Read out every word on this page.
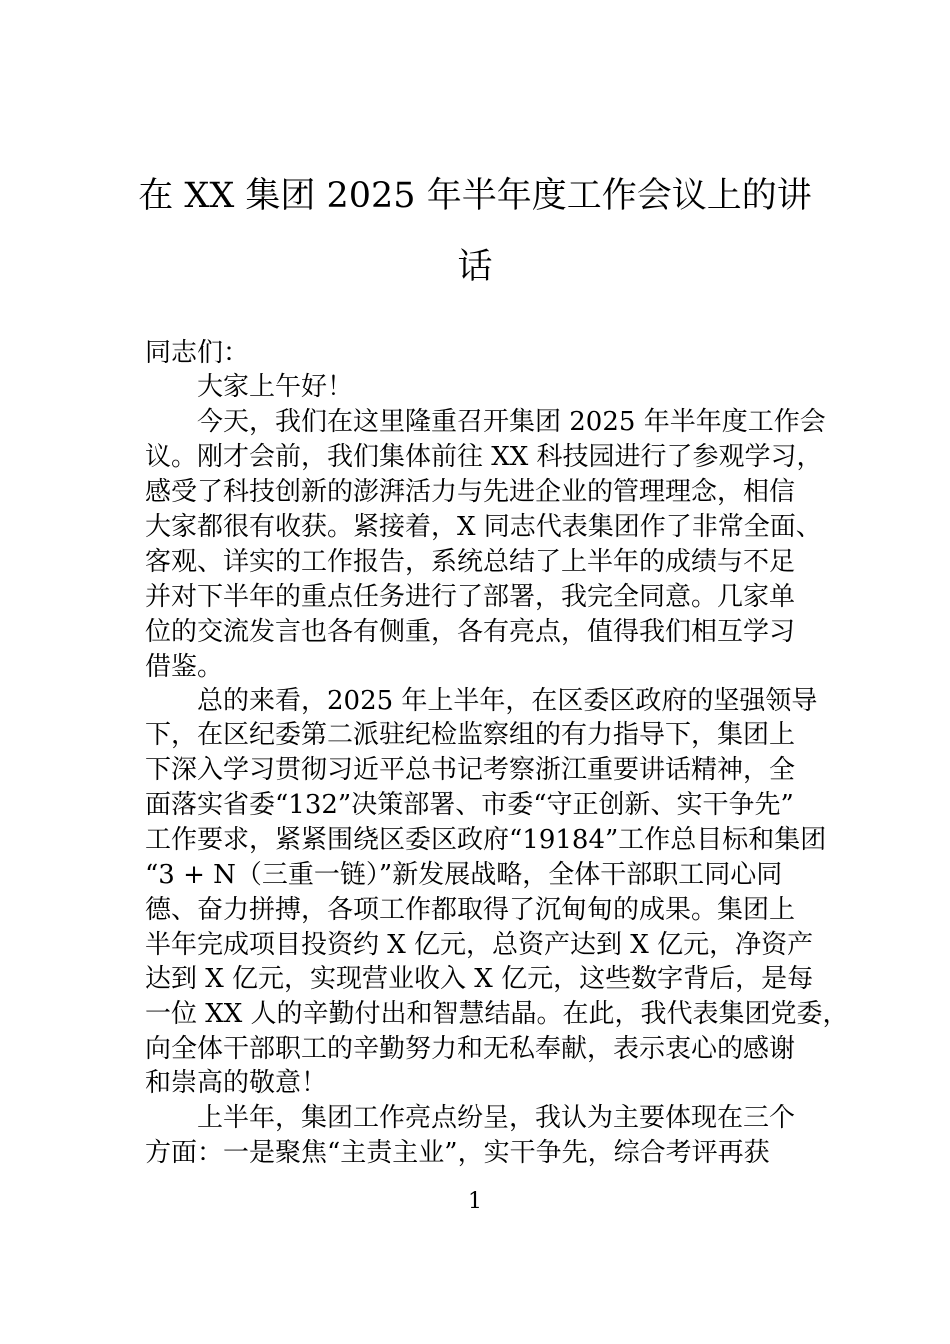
在 XX 集团 2025 年半年度工作会议上的讲
话
同志们：
大家上午好！
今天，我们在这里隆重召开集团 2025 年半年度工作会
议。刚才会前，我们集体前往 XX 科技园进行了参观学习，
感受了科技创新的澎湃活力与先进企业的管理理念，相信
大家都很有收获。紧接着，X 同志代表集团作了非常全面、
客观、详实的工作报告，系统总结了上半年的成绩与不足
并对下半年的重点任务进行了部署，我完全同意。几家单
位的交流发言也各有侧重，各有亮点，值得我们相互学习
借鉴。
总的来看，2025 年上半年，在区委区政府的坚强领导
下，在区纪委第二派驻纪检监察组的有力指导下，集团上
下深入学习贯彻习近平总书记考察浙江重要讲话精神，全
面落实省委“132”决策部署、市委“守正创新、实干争先”
工作要求，紧紧围绕区委区政府“19184”工作总目标和集团
“3 + N（三重一链）”新发展战略，全体干部职工同心同
德、奋力拼搏，各项工作都取得了沉甸甸的成果。集团上
半年完成项目投资约 X 亿元，总资产达到 X 亿元，净资产
达到 X 亿元，实现营业收入 X 亿元，这些数字背后，是每
一位 XX 人的辛勤付出和智慧结晶。在此，我代表集团党委，
向全体干部职工的辛勤努力和无私奉献，表示衷心的感谢
和崇高的敬意！
上半年，集团工作亮点纷呈，我认为主要体现在三个
方面：一是聚焦“主责主业”，实干争先，综合考评再获
1
